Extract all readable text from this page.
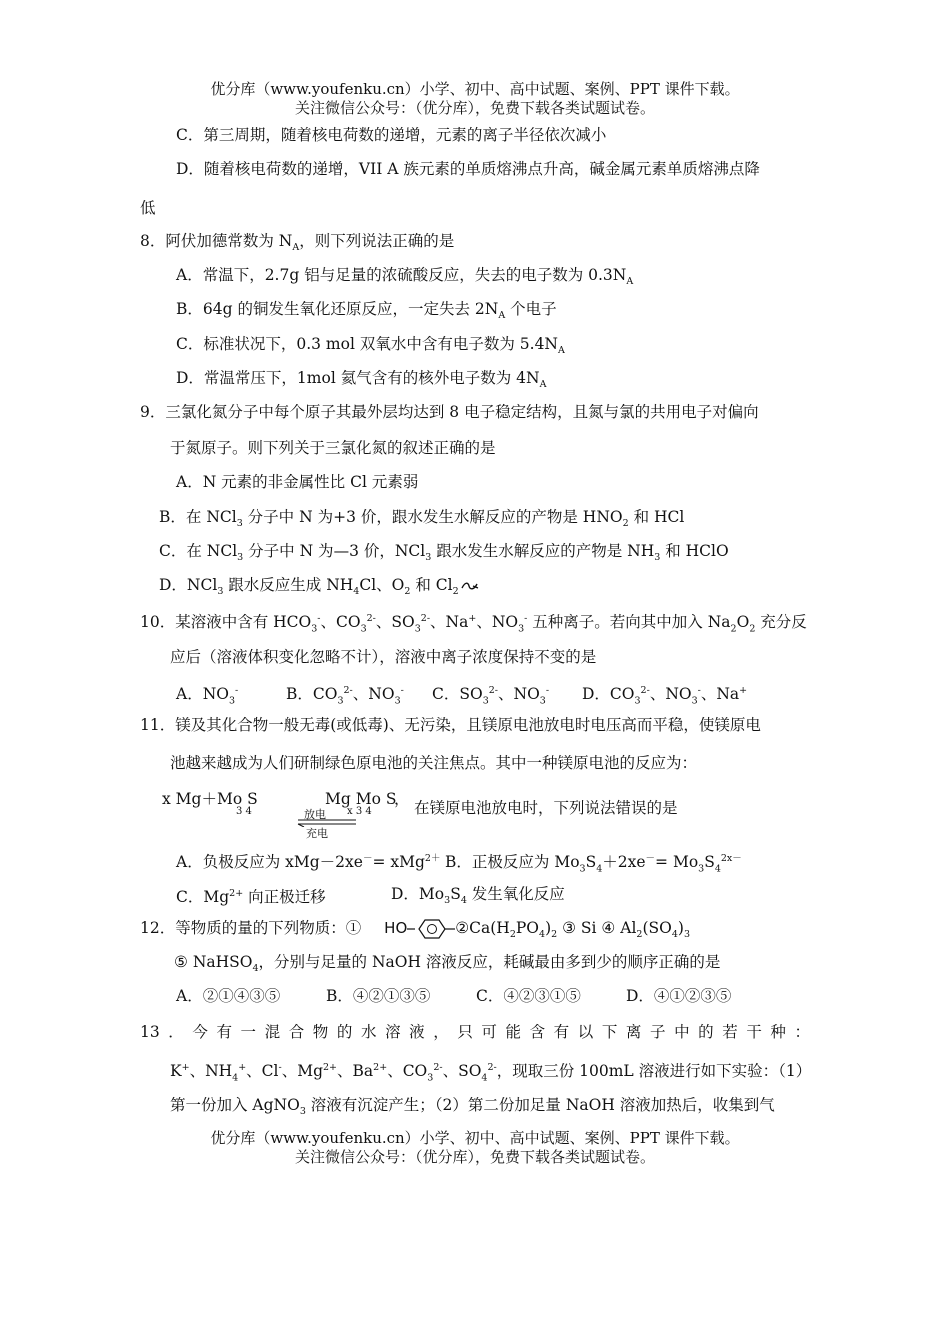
优分库（www.youfenku.cn）小学、初中、高中试题、案例、PPT 课件下载。
关注微信公众号：（优分库），免费下载各类试题试卷。
C．第三周期，随着核电荷数的递增，元素的离子半径依次减小
D．随着核电荷数的递增，VII A 族元素的单质熔沸点升高，碱金属元素单质熔沸点降
低
8．阿伏加德常数为 $N_A$，则下列说法正确的是
A．常温下，2.7g 铝与足量的浓硫酸反应，失去的电子数为 $0.3N_A$
B．64g 的铜发生氧化还原反应，一定失去 $2N_A$ 个电子
C．标准状况下，0.3 mol 双氧水中含有电子数为 $5.4N_A$
D．常温常压下，1mol 氦气含有的核外电子数为 $4N_A$
9．三氯化氮分子中每个原子其最外层均达到 8 电子稳定结构，且氮与氯的共用电子对偏向
于氮原子。则下列关于三氯化氮的叙述正确的是
A．N 元素的非金属性比 Cl 元素弱
B．在 NCl$_3$ 分子中 N 为+3 价，跟水发生水解反应的产物是 $HNO_2$ 和 HCl
C．在 NCl$_3$ 分子中 N 为—3 价，NCl$_3$ 跟水发生水解反应的产物是 $NH_3$ 和 HClO
D．NCl$_3$ 跟水反应生成 $NH_4Cl$、$O_2$ 和 $Cl_2$
10．某溶液中含有 $HCO_3^-$、$CO_3^{2-}$、$SO_3^{2-}$、Na+、$NO_3^-$ 五种离子。若向其中加入 $Na_2O_2$ 充分反
应后（溶液体积变化忽略不计），溶液中离子浓度保持不变的是
A．$NO_3^-$	B．$CO_3^{2-}$、$NO_3^-$ C．$SO_3^{2-}$、$NO_3^-$ D．$CO_3^{2-}$、$NO_3^-$、Na+
11．镁及其化合物一般无毒(或低毒)、无污染，且镁原电池放电时电压高而平稳，使镁原电
池越来越成为人们研制绿色原电池的关注焦点。其中一种镁原电池的反应为：
x Mg＋Mo S
3 4	放电
充电
Mg Mo S
x 3 4
， 在镁原电池放电时，下列说法错误的是
A．负极反应为 xMg－2xe－= xMg$^{2+}$ B．正极反应为 $Mo_3S_4+2xe^-= Mo_3S_4^{2x-}$
C．$Mg^{2+}$ 向正极迁移	D．$Mo_3S_4$ 发生氧化反应
12．等物质的量的下列物质：① HO	$②Ca(H_2PO_4)_2$ ③ Si ④ $Al_2(SO_4)_3$
⑤ NaHSO$_4$，分别与足量的 NaOH 溶液反应，耗碱最由多到少的顺序正确的是
A．②①④③⑤	B．④②①③⑤	C．④②③①⑤	D．④①②③⑤
13．今有一混合物的水溶液，只可能含有以下离子中的若干种：
K+、$NH_4^+$、Cl-、$Mg^{2+}$、$Ba^{2+}$、$CO_3^{2-}$、$SO_4^{2-}$，现取三份 100mL 溶液进行如下实验：（1）
第一份加入 AgNO$_3$ 溶液有沉淀产生；（2）第二份加足量 NaOH 溶液加热后，收集到气
优分库（www.youfenku.cn）小学、初中、高中试题、案例、PPT 课件下载。
关注微信公众号：（优分库），免费下载各类试题试卷。
